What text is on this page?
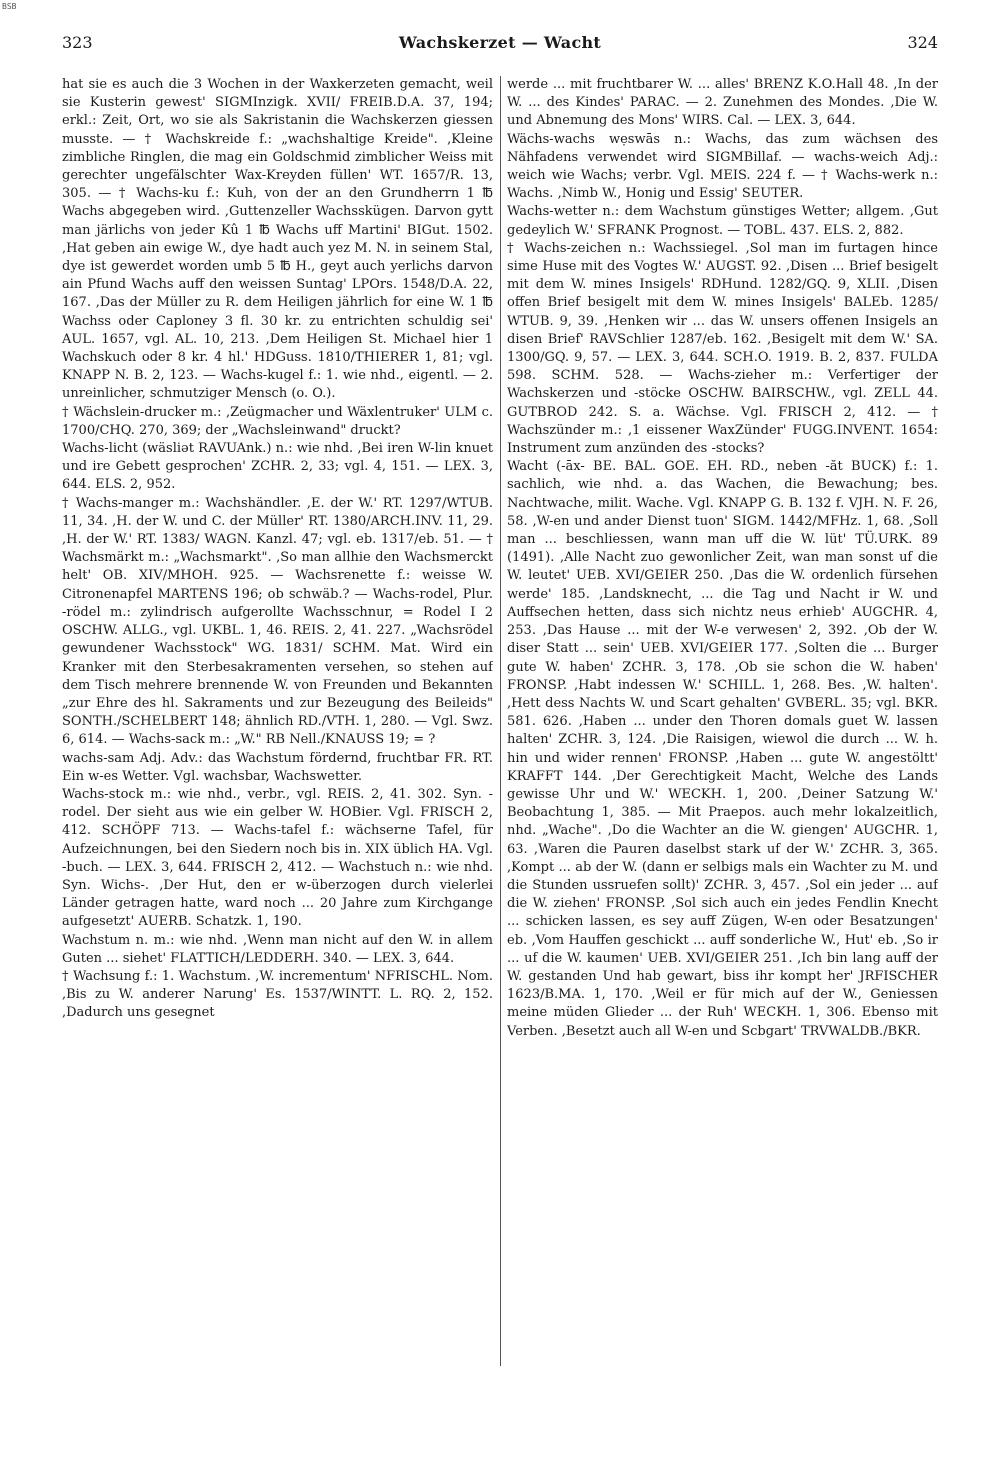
BSB
323	Wachskerzet — Wacht	324

hat sie es auch die 3 Wochen in der Waxkerzeten gemacht, weil sie Kusterin gewest' SIGMInzigk. XVII/ FREIB.D.A. 37, 194; erkl.: Zeit, Ort, wo sie als Sakristanin die Wachskerzen giessen musste. — † Wachskreide f.: „wachshaltige Kreide". ,Kleine zimbliche Ringlen, die mag ein Goldschmid zimblicher Weiss mit gerechter ungefälschter Wax-Kreyden füllen' WT. 1657/R. 13, 305. — † Wachs-ku f.: Kuh, von der an den Grundherrn 1 ℔ Wachs abgegeben wird. ,Guttenzeller Wachsskügen. Darvon gytt man järlichs von jeder Kû 1 ℔ Wachs uff Martini' BIGut. 1502. ,Hat geben ain ewige W., dye hadt auch yez M. N. in seinem Stal, dye ist gewerdet worden umb 5 ℔ H., geyt auch yerlichs darvon ain Pfund Wachs auff den weissen Suntag' LPOrs. 1548/D.A. 22, 167. ,Das der Müller zu R. dem Heiligen jährlich for eine W. 1 ℔ Wachss oder Caploney 3 fl. 30 kr. zu entrichten schuldig sei' AUL. 1657, vgl. AL. 10, 213. ,Dem Heiligen St. Michael hier 1 Wachskuch oder 8 kr. 4 hl.' HDGuss. 1810/THIERER 1, 81; vgl. KNAPP N. B. 2, 123. — Wachs-kugel f.: 1. wie nhd., eigentl. — 2. unreinlicher, schmutziger Mensch (o. O.).

† Wächslein-drucker m.: ,Zeügmacher und Wäxlentruker' ULM c. 1700/CHQ. 270, 369; der „Wachsleinwand" druckt?

Wachs-licht (wäsliət RAVUAnk.) n.: wie nhd. ,Bei iren W-lin knuet und ire Gebett gesprochen' ZCHR. 2, 33; vgl. 4, 151. — LEX. 3, 644. ELS. 2, 952.

† Wachs-manger m.: Wachshändler. ,E. der W.' RT. 1297/WTUB. 11, 34. ,H. der W. und C. der Müller' RT. 1380/ARCH.INV. 11, 29. ,H. der W.' RT. 1383/ WAGN. Kanzl. 47; vgl. eb. 1317/eb. 51. — † Wachsmärkt m.: „Wachsmarkt". ,So man allhie den Wachsmerckt helt' OB. XIV/MHOH. 925. — Wachsrenette f.: weisse W. Citronenapfel MARTENS 196; ob schwäb.? — Wachs-rodel, Plur. -rödel m.: zylindrisch aufgerollte Wachsschnur, = Rodel I 2 OSCHW. ALLG., vgl. UKBL. 1, 46. REIS. 2, 41. 227. „Wachsrödel gewundener Wachsstock" WG. 1831/ SCHM. Mat. Wird ein Kranker mit den Sterbesakramenten versehen, so stehen auf dem Tisch mehrere brennende W. von Freunden und Bekannten „zur Ehre des hl. Sakraments und zur Bezeugung des Beileids" SONTH./SCHELBERT 148; ähnlich RD./VTH. 1, 280. — Vgl. Swz. 6, 614. — Wachs-sack m.: „W." RB Nell./KNAUSS 19; = ?

wachs-sam Adj. Adv.: das Wachstum fördernd, fruchtbar FR. RT. Ein w-es Wetter. Vgl. wachsbar, Wachswetter.

Wachs-stock m.: wie nhd., verbr., vgl. REIS. 2, 41. 302. Syn. -rodel. Der sieht aus wie ein gelber W. HOBier. Vgl. FRISCH 2, 412. SCHÖPF 713. — Wachs-tafel f.: wächserne Tafel, für Aufzeichnungen, bei den Siedern noch bis in. XIX üblich HA. Vgl. -buch. — LEX. 3, 644. FRISCH 2, 412. — Wachstuch n.: wie nhd. Syn. Wichs-. ,Der Hut, den er w-überzogen durch vielerlei Länder getragen hatte, ward noch ... 20 Jahre zum Kirchgange aufgesetzt' AUERB. Schatzk. 1, 190.

Wachstum n. m.: wie nhd. ,Wenn man nicht auf den W. in allem Guten ... siehet' FLATTICH/LEDDERH. 340. — LEX. 3, 644.

† Wachsung f.: 1. Wachstum. ,W. incrementum' NFRISCHL. Nom. ,Bis zu W. anderer Narung' Es. 1537/WINTT. L. RQ. 2, 152. ,Dadurch uns gesegnet

werde ... mit fruchtbarer W. ... alles' BRENZ K.O.Hall 48. ,In der W. ... des Kindes' PARAC. — 2. Zunehmen des Mondes. ,Die W. und Abnemung des Mons' WIRS. Cal. — LEX. 3, 644.

Wächs-wachs wẹswās n.: Wachs, das zum wächsen des Nähfadens verwendet wird SIGMBillaf. — wachs-weich Adj.: weich wie Wachs; verbr. Vgl. MEIS. 224 f. — † Wachs-werk n.: Wachs. ,Nimb W., Honig und Essig' SEUTER.

Wachs-wetter n.: dem Wachstum günstiges Wetter; allgem. ,Gut gedeylich W.' SFRANK Prognost. — TOBL. 437. ELS. 2, 882.

† Wachs-zeichen n.: Wachssiegel. ,Sol man im furtagen hince sime Huse mit des Vogtes W.' AUGST. 92. ,Disen ... Brief besigelt mit dem W. mines Insigels' RDHund. 1282/GQ. 9, XLII. ,Disen offen Brief besigelt mit dem W. mines Insigels' BALEb. 1285/ WTUB. 9, 39. ,Henken wir ... das W. unsers offenen Insigels an disen Brief' RAVSchlier 1287/eb. 162. ,Besigelt mit dem W.' SA. 1300/GQ. 9, 57. — LEX. 3, 644. SCH.O. 1919. B. 2, 837. FULDA 598. SCHM. 528. — Wachs-zieher m.: Verfertiger der Wachskerzen und -stöcke OSCHW. BAIRSCHW., vgl. ZELL 44. GUTBROD 242. S. a. Wächse. Vgl. FRISCH 2, 412. — † Wachszünder m.: ,1 eissener WaxZünder' FUGG.INVENT. 1654: Instrument zum anzünden des -stocks?

Wacht (-āx- BE. BAL. GOE. EH. RD., neben -ăt BUCK) f.: 1. sachlich, wie nhd. a. das Wachen, die Bewachung; bes. Nachtwache, milit. Wache. Vgl. KNAPP G. B. 132 f. VJH. N. F. 26, 58. ,W-en und ander Dienst tuon' SIGM. 1442/MFHz. 1, 68. ,Soll man ... beschliessen, wann man uff die W. lüt' TÜ.URK. 89 (1491). ,Alle Nacht zuo gewonlicher Zeit, wan man sonst uf die W. leutet' UEB. XVI/GEIER 250. ,Das die W. ordenlich fürsehen werde' 185. ,Landsknecht, ... die Tag und Nacht ir W. und Auffsechen hetten, dass sich nichtz neus erhieb' AUGCHR. 4, 253. ,Das Hause ... mit der W-e verwesen' 2, 392. ,Ob der W. diser Statt ... sein' UEB. XVI/GEIER 177. ,Solten die ... Burger gute W. haben' ZCHR. 3, 178. ,Ob sie schon die W. haben' FRONSP. ,Habt indessen W.' SCHILL. 1, 268. Bes. ,W. halten'. ,Hett dess Nachts W. und Scart gehalten' GVBERL. 35; vgl. BKR. 581. 626. ,Haben ... under den Thoren domals guet W. lassen halten' ZCHR. 3, 124. ,Die Raisigen, wiewol die durch ... W. h. hin und wider rennen' FRONSP. ,Haben ... gute W. angestöltt' KRAFFT 144. ,Der Gerechtigkeit Macht, Welche des Lands gewisse Uhr und W.' WECKH. 1, 200. ,Deiner Satzung W.' Beobachtung 1, 385. — Mit Praepos. auch mehr lokalzeitlich, nhd. „Wache". ,Do die Wachter an die W. giengen' AUGCHR. 1, 63. ,Waren die Pauren daselbst stark uf der W.' ZCHR. 3, 365. ,Kompt ... ab der W. (dann er selbigs mals ein Wachter zu M. und die Stunden ussruefen sollt)' ZCHR. 3, 457. ,Sol ein jeder ... auf die W. ziehen' FRONSP. ,Sol sich auch ein jedes Fendlin Knecht ... schicken lassen, es sey auff Zügen, W-en oder Besatzungen' eb. ,Vom Hauffen geschickt ... auff sonderliche W., Hut' eb. ,So ir ... uf die W. kaumen' UEB. XVI/GEIER 251. ,Ich bin lang auff der W. gestanden Und hab gewart, biss ihr kompt her' JRFISCHER 1623/B.MA. 1, 170. ,Weil er für mich auf der W., Geniessen meine müden Glieder ... der Ruh' WECKH. 1, 306. Ebenso mit Verben. ,Besetzt auch all W-en und Scbgart' TRVWALDB./BKR.
